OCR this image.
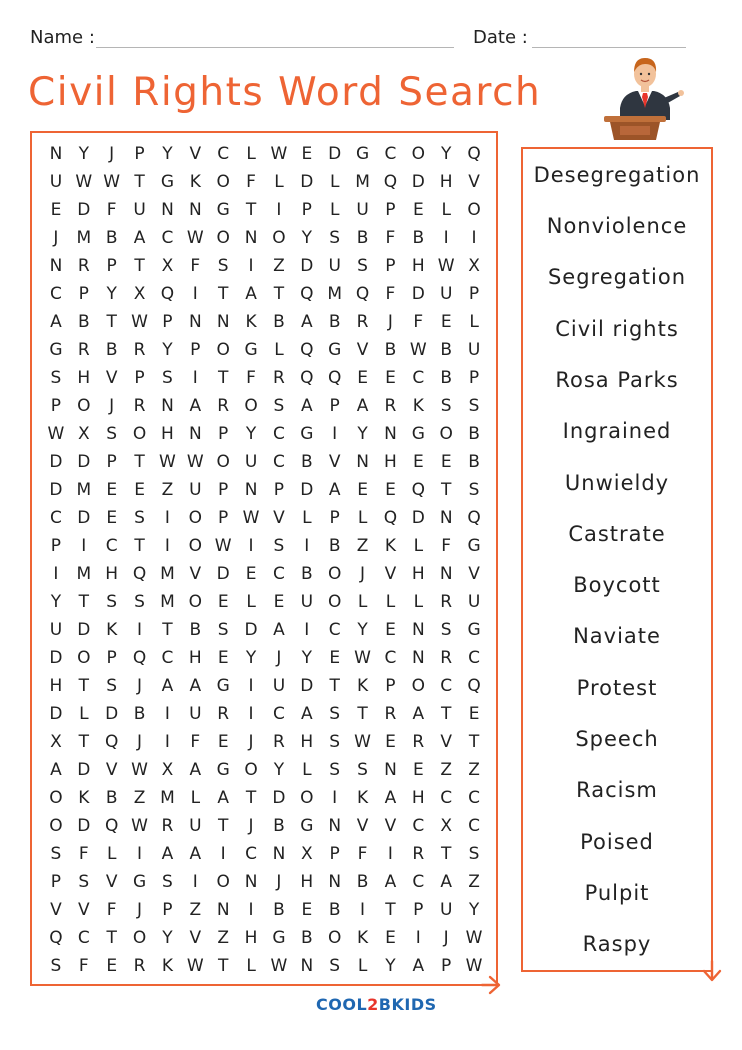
Name :	Date :
Civil Rights Word Search
N Y	J	P	Y V C	L W E D G C O Y Q
U W W T G K O F	L D L M Q D H V
E D F U N N G T	I	P	L U P	E	L O
J	M B A C W O N O Y	S B	F	B	I	I
N R P	T X	F	S	I	Z D U S	P H W X
C P	Y X Q	I	T A T Q M Q F D U P
A B T W P N N K B A B R	J	F	E	L
G R B R Y	P O G L Q G V B W B U
S H V P	S	I	T	F	R Q Q E	E C B P
P O	J	R N A R O S A P A R K S	S
W X S O H N P	Y C G	I	Y N G O B
D D P	T W W O U C B V N H E	E B
D M E	E Z U P N P D A E	E Q T	S
C D E	S	I	O P W V	L	P	L Q D N Q
P	I	C T	I	O W I	S	I	B Z K	L	F G
I	M H Q M V D E C B O	J	V H N V
Y	T	S	S M O E	L	E U O L	L	L	R U
U D K	I	T B S D A	I	C Y	E N S G
D O P Q C H E	Y	J	Y	E W C N R C
H T	S	J	A A G	I	U D T	K	P O C Q
D L D B	I	U R	I	C A S	T R A T	E
X T Q	J	I	F	E	J	R H S W E R V T
A D V W X A G O Y	L	S	S N E Z Z
O K B Z M L	A T D O	I	K A H C C
O D Q W R U T	J	B G N V V C X C
S	F	L	I	A A	I	C N X P	F	I	R T	S
P	S V G S	I	O N	J	H N B A C A Z
V V	F	J	P Z N	I	B E B	I	T	P U Y
Q C T O Y V Z H G B O K E	I	J W
S	F	E R K W T	L W N S	L	Y A P W
Desegregation
Nonviolence
Segregation
Civil rights
Rosa Parks
Ingrained
Unwieldy
Castrate
Boycott
Naviate
Protest
Speech
Racism
Poised
Pulpit
Raspy
COOL2BKIDS
